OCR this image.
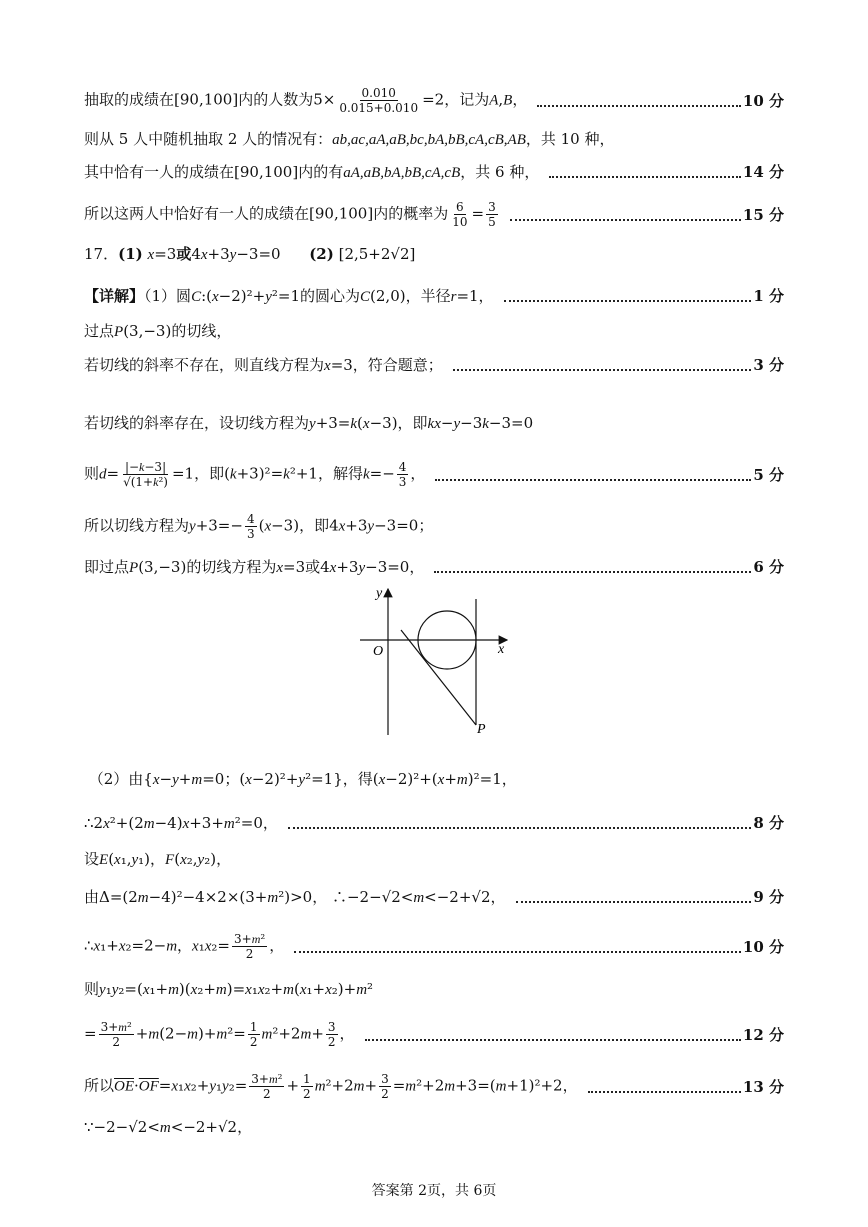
抽取的成绩在[90,100]内的人数为$5\times \frac{0.010}{0.015+0.010} =2$，记为A,B，	10 分
则从 5 人中随机抽取 2 人的情况有：ab,ac,aA,aB,bc,bA,bB,cA,cB,AB，共 10 种，
其中恰有一人的成绩在[90,100]内的有aA,aB,bA,bB,cA,cB，共 6 种，	14 分
所以这两人中恰好有一人的成绩在[90,100]内的概率为 $\frac{6}{10} = \frac{3}{5}$	15 分
17．(1) x=3或4x+3y−3=0      (2) [2,5+2√2]
【详解】（1）圆C:(x−2)²+y²=1的圆心为C(2,0)，半径r=1，	1 分
过点P(3,−3)的切线，
若切线的斜率不存在，则直线方程为x=3，符合题意；	3 分
若切线的斜率存在，设切线方程为y+3=k(x−3)，即kx−y−3k−3=0
则$d= \frac{|-k-3|}{\text{√(1+k²)}} =1$，即(k+3)²=k²+1，解得$k=- \frac{4}{3}$ ，	5 分
所以切线方程为$y+3=- \frac{4}{3} (x-3)$，即4x+3y−3=0；
即过点P(3,−3)的切线方程为x=3或4x+3y−3=0，	6 分
y
x
O
P
（2）由{x−y+m=0；(x−2)²+y²=1}，得(x−2)²+(x+m)²=1，
∴2x²+(2m−4)x+3+m²=0，	8 分
设E(x₁,y₁)，F(x₂,y₂)，
由Δ=(2m−4)²−4×2×(3+m²)>0， ∴−2−√2<m<−2+√2，	9 分
∴x₁+x₂=2−m，$x_1x_2= \frac{\text{3+m²}}{2}$ ，	10 分
则y₁y₂=(x₁+m)(x₂+m)=x₁x₂+m(x₁+x₂)+m²
= $\frac{\text{3+m²}}{2} +m(2-m)+m^2= \frac{1}{2} m^2+2m+ \frac{3}{2}$ ，	12 分
所以$\overline{OE}\cdot\overline{OF}=x_1x_2+y_1y_2= \frac{\text{3+m²}}{2} + \frac{1}{2} m^2+2m+ \frac{3}{2} =m^2+2m+3=(m+1)^2+2$，	13 分
∵−2−√2<m<−2+√2，
答案第 2页，共 6页
